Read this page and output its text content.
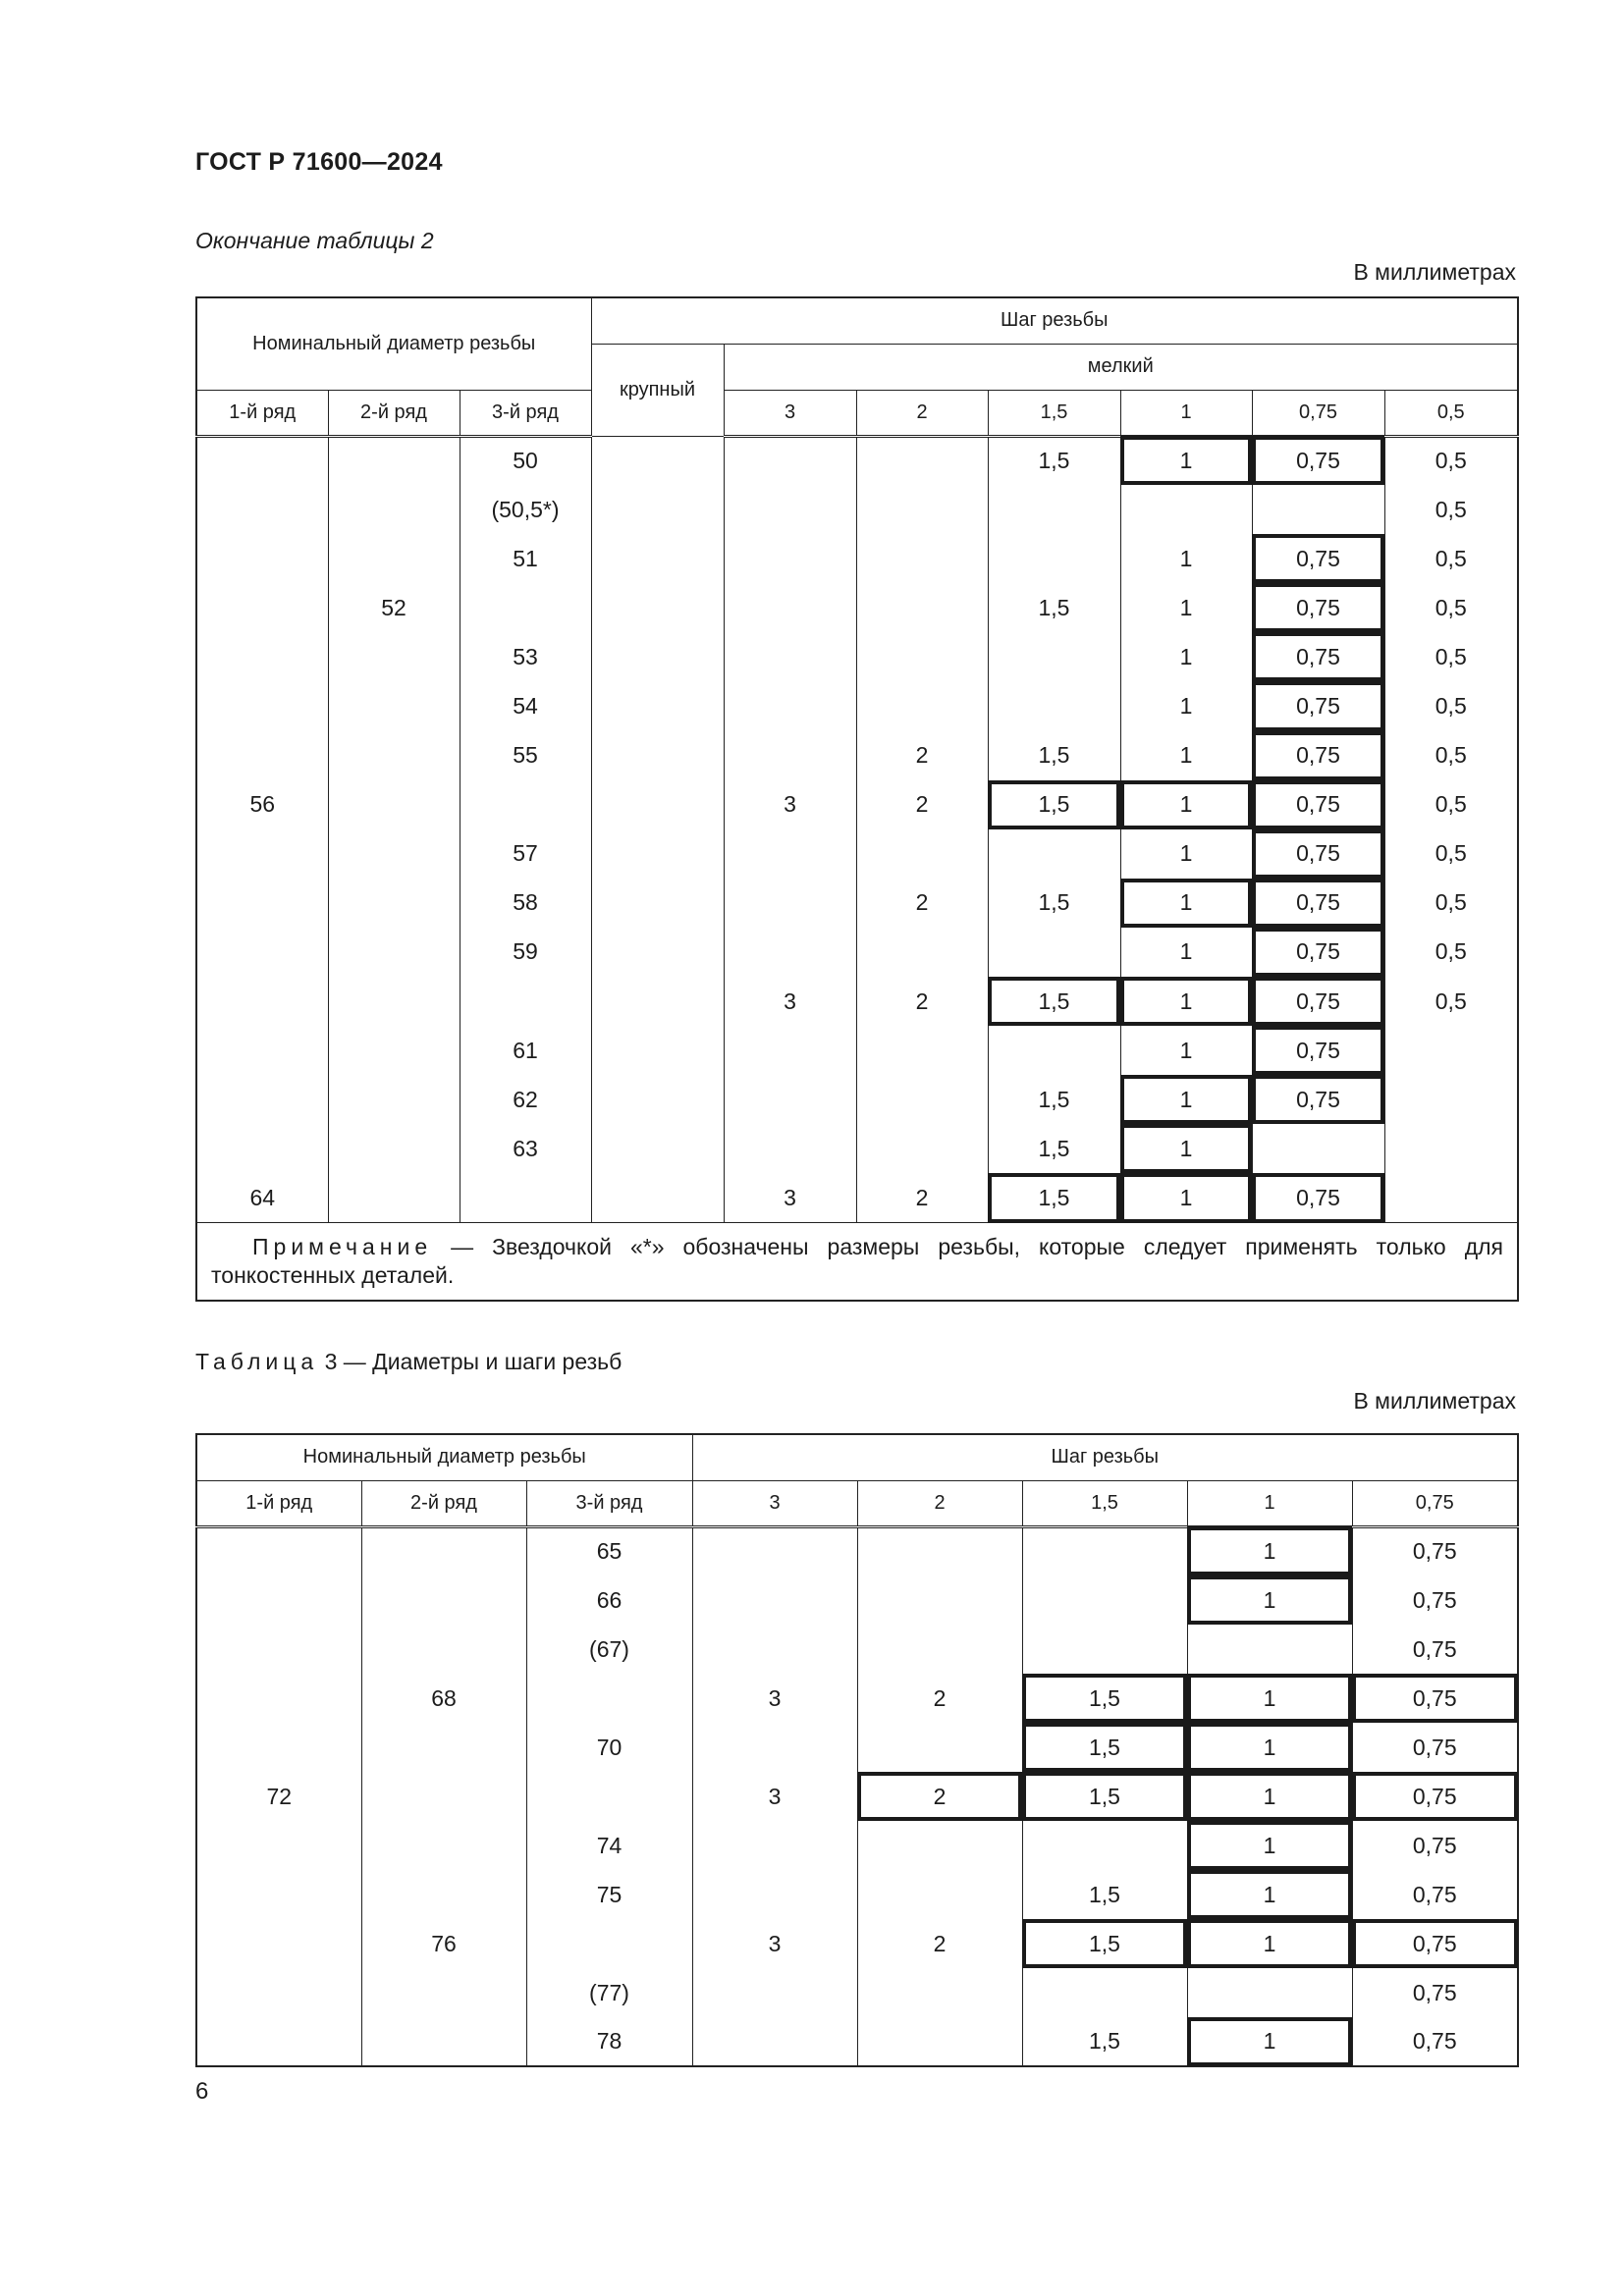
ГОСТ Р 71600—2024
Окончание таблицы 2
В миллиметрах
Номинальный диаметр резьбы			Шаг резьбы						
			крупный	мелкий					
1-й ряд	2-й ряд	3-й ряд		3	2	1,5	1	0,75	0,5
		50				1,5	1	0,75	0,5
		(50,5*)							0,5
		51					1	0,75	0,5
	52					1,5	1	0,75	0,5
		53					1	0,75	0,5
		54					1	0,75	0,5
		55			2	1,5	1	0,75	0,5
56				3	2	1,5	1	0,75	0,5
		57					1	0,75	0,5
		58			2	1,5	1	0,75	0,5
		59					1	0,75	0,5
				3	2	1,5	1	0,75	0,5
		61					1	0,75	
		62				1,5	1	0,75	
		63				1,5	1		
64				3	2	1,5	1	0,75	
Примечание — Звездочкой «*» обозначены размеры резьбы, которые следует применять только для тонкостенных деталей.									
Таблица 3 — Диаметры и шаги резьб
В миллиметрах
Номинальный диаметр резьбы			Шаг резьбы				
1-й ряд	2-й ряд	3-й ряд	3	2	1,5	1	0,75
		65				1	0,75
		66				1	0,75
		(67)					0,75
	68		3	2	1,5	1	0,75
		70			1,5	1	0,75
72			3	2	1,5	1	0,75
		74				1	0,75
		75			1,5	1	0,75
	76		3	2	1,5	1	0,75
		(77)					0,75
		78			1,5	1	0,75
6
